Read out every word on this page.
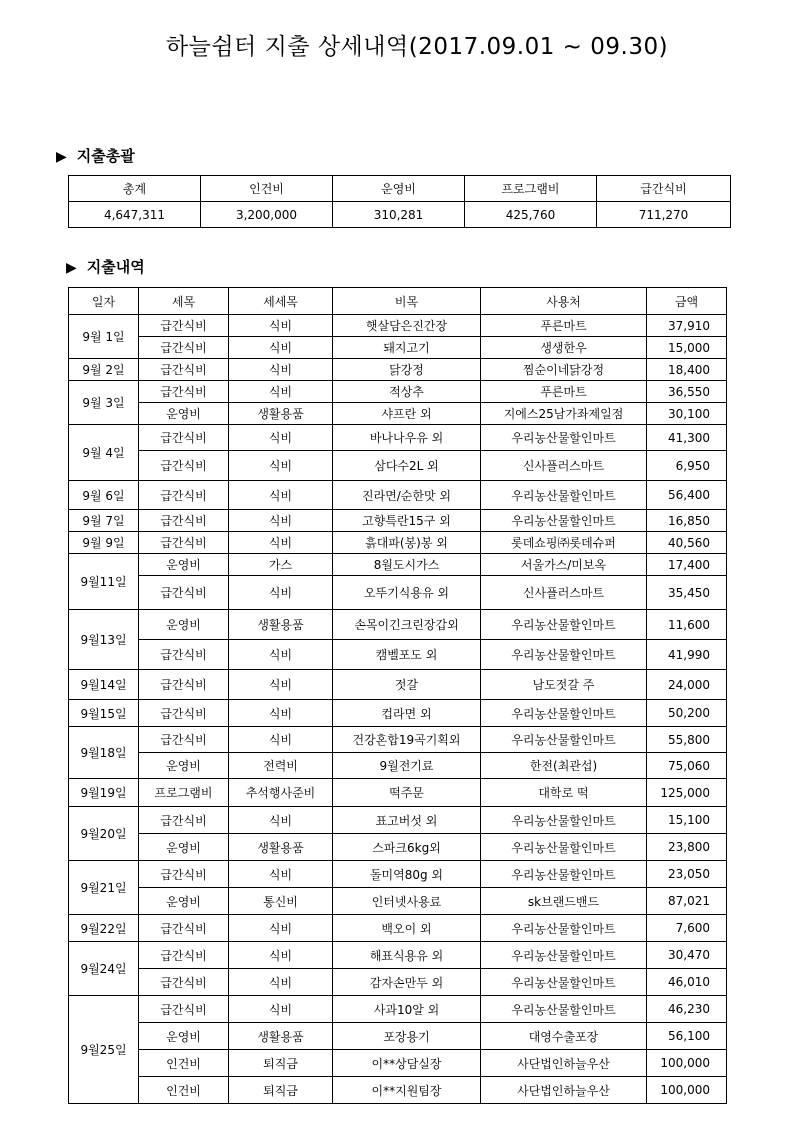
하늘쉼터 지출 상세내역(2017.09.01 ~ 09.30)
▶ 지출총괄
총계	인건비	운영비	프로그램비	급간식비
4,647,311	3,200,000	310,281	425,760	711,270
▶ 지출내역
일자	세목	세세목	비목	사용처	금액
9월 1일	급간식비	식비	햇살담은진간장	푸른마트	37,910
	급간식비	식비	돼지고기	생생한우	15,000
9월 2일	급간식비	식비	닭강정	찜순이네닭강정	18,400
9월 3일	급간식비	식비	적상추	푸른마트	36,550
	운영비	생활용품	샤프란 외	지에스25남가좌제일점	30,100
9월 4일	급간식비	식비	바나나우유 외	우리농산물할인마트	41,300
	급간식비	식비	삼다수2L 외	신사플러스마트	6,950
9월 6일	급간식비	식비	진라면/순한맛 외	우리농산물할인마트	56,400
9월 7일	급간식비	식비	고향특란15구 외	우리농산물할인마트	16,850
9월 9일	급간식비	식비	흙대파(봉)봉 외	롯데쇼핑㈜롯데슈퍼	40,560
9월11일	운영비	가스	8월도시가스	서울가스/미보옥	17,400
	급간식비	식비	오뚜기식용유 외	신사플러스마트	35,450
9월13일	운영비	생활용품	손목이긴크린장갑외	우리농산물할인마트	11,600
	급간식비	식비	캠벨포도 외	우리농산물할인마트	41,990
9월14일	급간식비	식비	젓갈	남도젓갈 주	24,000
9월15일	급간식비	식비	컵라면 외	우리농산물할인마트	50,200
9월18일	급간식비	식비	건강혼합19곡기획외	우리농산물할인마트	55,800
	운영비	전력비	9월전기료	한전(최관섭)	75,060
9월19일	프로그램비	추석행사준비	떡주문	대학로 떡	125,000
9월20일	급간식비	식비	표고버섯 외	우리농산물할인마트	15,100
	운영비	생활용품	스파크6kg외	우리농산물할인마트	23,800
9월21일	급간식비	식비	돌미역80g 외	우리농산물할인마트	23,050
	운영비	통신비	인터넷사용료	sk브랜드밴드	87,021
9월22일	급간식비	식비	백오이 외	우리농산물할인마트	7,600
9월24일	급간식비	식비	해표식용유 외	우리농산물할인마트	30,470
	급간식비	식비	감자손만두 외	우리농산물할인마트	46,010
9월25일	급간식비	식비	사과10알 외	우리농산물할인마트	46,230
	운영비	생활용품	포장용기	대영수출포장	56,100
	인건비	퇴직금	이**상담실장	사단법인하늘우산	100,000
	인건비	퇴직금	이**지원팀장	사단법인하늘우산	100,000
